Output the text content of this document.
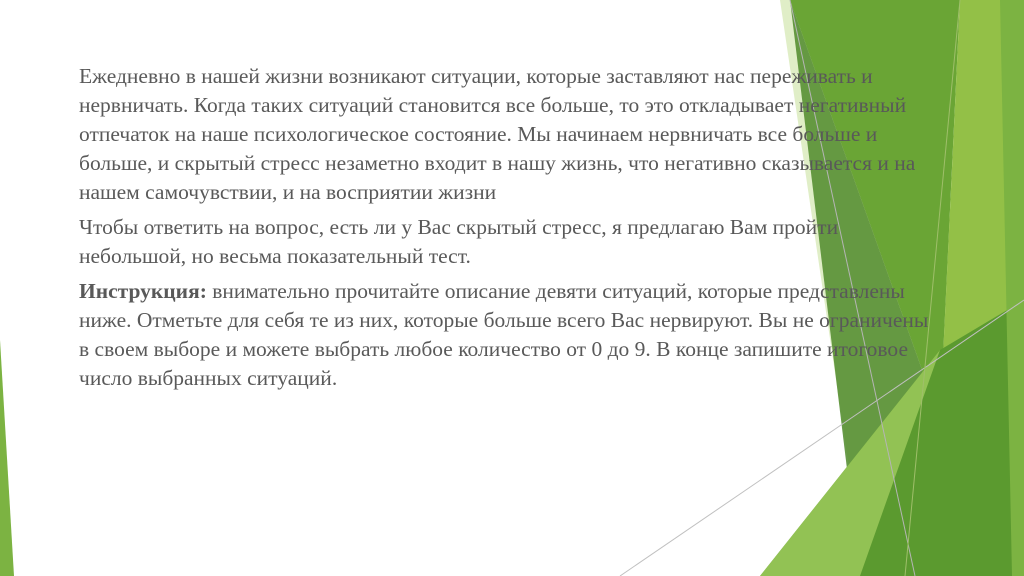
Ежедневно в нашей жизни возникают ситуации, которые заставляют нас переживать и нервничать. Когда таких ситуаций становится все больше, то это откладывает негативный отпечаток на наше психологическое состояние. Мы начинаем нервничать все больше и больше, и скрытый стресс незаметно входит в нашу жизнь, что негативно сказывается и на нашем самочувствии, и на восприятии жизни

Чтобы ответить на вопрос, есть ли у Вас скрытый стресс, я предлагаю Вам пройти небольшой, но весьма показательный тест.

Инструкция: внимательно прочитайте описание девяти ситуаций, которые представлены ниже. Отметьте для себя те из них, которые больше всего Вас нервируют. Вы не ограничены в своем выборе и можете выбрать любое количество от 0 до 9. В конце запишите итоговое число выбранных ситуаций.
